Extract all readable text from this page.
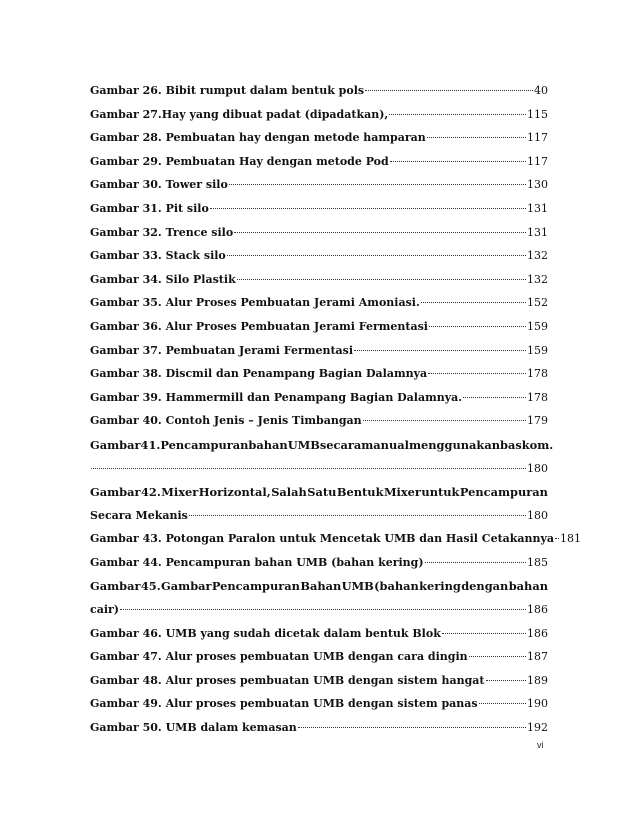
Gambar 26. Bibit rumput dalam bentuk pols	40
Gambar 27.Hay yang dibuat padat (dipadatkan),	115
Gambar 28. Pembuatan hay dengan metode hamparan	117
Gambar 29. Pembuatan Hay dengan metode Pod	117
Gambar 30. Tower silo	130
Gambar 31. Pit silo	131
Gambar 32. Trence silo	131
Gambar 33. Stack silo	132
Gambar 34. Silo Plastik	132
Gambar 35. Alur Proses Pembuatan Jerami Amoniasi.	152
Gambar 36. Alur Proses Pembuatan Jerami Fermentasi	159
Gambar 37. Pembuatan Jerami Fermentasi	159
Gambar 38. Discmil dan Penampang Bagian Dalamnya	178
Gambar 39. Hammermill dan Penampang Bagian Dalamnya.	178
Gambar 40. Contoh Jenis – Jenis Timbangan	179
Gambar 41. Pencampuran bahan UMB secara manual menggunakan baskom.
180
Gambar 42. Mixer Horizontal, Salah Satu Bentuk Mixer untuk Pencampuran
Secara Mekanis	180
Gambar 43. Potongan Paralon untuk Mencetak UMB dan Hasil Cetakannya 181
Gambar 44. Pencampuran bahan UMB (bahan kering)	185
Gambar 45. Gambar Pencampuran Bahan UMB (bahan kering dengan bahan
cair)	186
Gambar 46. UMB yang sudah dicetak dalam bentuk Blok	186
Gambar 47. Alur proses pembuatan UMB dengan cara dingin	187
Gambar 48. Alur proses pembuatan UMB dengan sistem hangat	189
Gambar 49. Alur proses pembuatan UMB dengan sistem panas	190
Gambar 50. UMB dalam kemasan	192
vi
